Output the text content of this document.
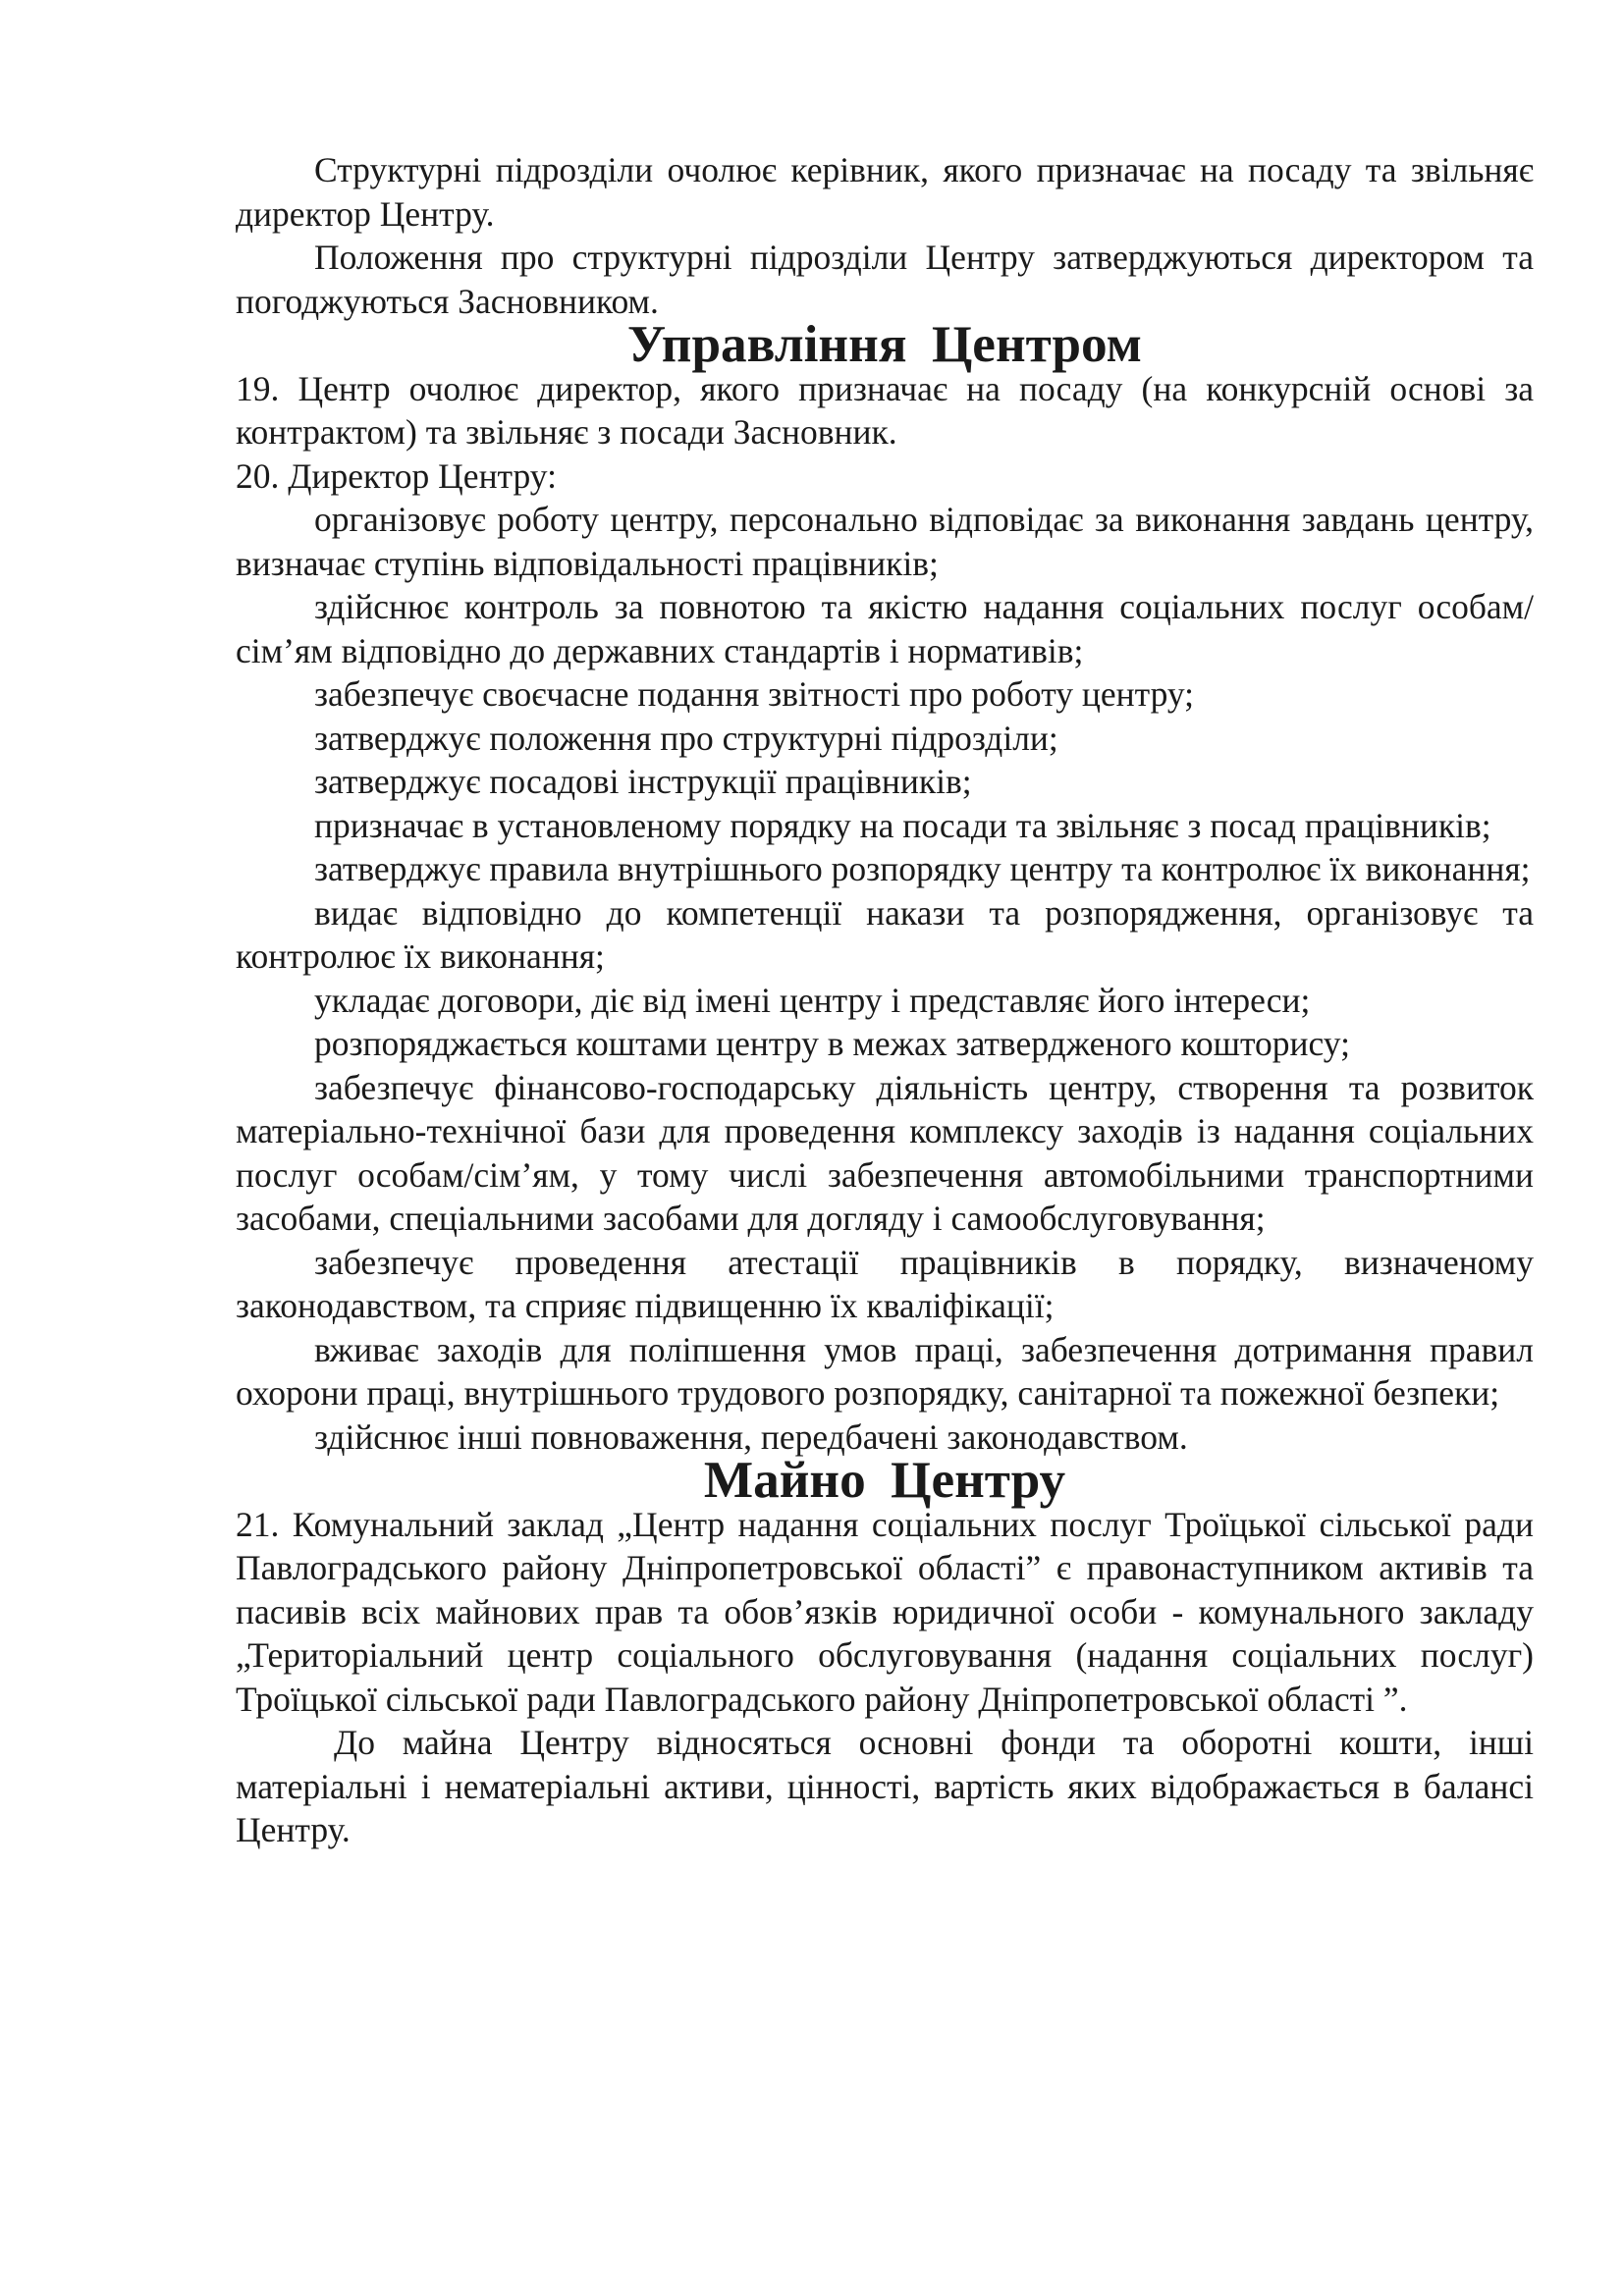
Структурні підрозділи очолює керівник, якого призначає на посаду та звільняє директор Центру.

Положення про структурні підрозділи Центру затверджуються директором та погоджуються Засновником.

Управління Центром

19. Центр очолює директор, якого призначає на посаду (на конкурсній основі за контрактом) та звільняє з посади Засновник.

20. Директор Центру:

організовує роботу центру, персонально відповідає за виконання завдань центру, визначає ступінь відповідальності працівників;

здійснює контроль за повнотою та якістю надання соціальних послуг особам/сім’ям відповідно до державних стандартів і нормативів;

забезпечує своєчасне подання звітності про роботу центру;

затверджує положення про структурні підрозділи;

затверджує посадові інструкції працівників;

призначає в установленому порядку на посади та звільняє з посад працівників;

затверджує правила внутрішнього розпорядку центру та контролює їх виконання;

видає відповідно до компетенції накази та розпорядження, організовує та контролює їх виконання;

укладає договори, діє від імені центру і представляє його інтереси;

розпоряджається коштами центру в межах затвердженого кошторису;

забезпечує фінансово-господарську діяльність центру, створення та розвиток матеріально-технічної бази для проведення комплексу заходів із надання соціальних послуг особам/сім’ям, у тому числі забезпечення автомобільними транспортними засобами, спеціальними засобами для догляду і самообслуговування;

забезпечує проведення атестації працівників в порядку, визначеному законодавством, та сприяє підвищенню їх кваліфікації;

вживає заходів для поліпшення умов праці, забезпечення дотримання правил охорони праці, внутрішнього трудового розпорядку, санітарної та пожежної безпеки;

здійснює інші повноваження, передбачені законодавством.

Майно Центру

21. Комунальний заклад „Центр надання соціальних послуг Троїцької сільської ради Павлоградського району Дніпропетровської області” є правонаступником активів та пасивів всіх майнових прав та обов’язків юридичної особи - комунального закладу „Територіальний центр соціального обслуговування (надання соціальних послуг) Троїцької сільської ради Павлоградського району Дніпропетровської області ”.

До майна Центру відносяться основні фонди та оборотні кошти, інші матеріальні і нематеріальні активи, цінності, вартість яких відображається в балансі Центру.
